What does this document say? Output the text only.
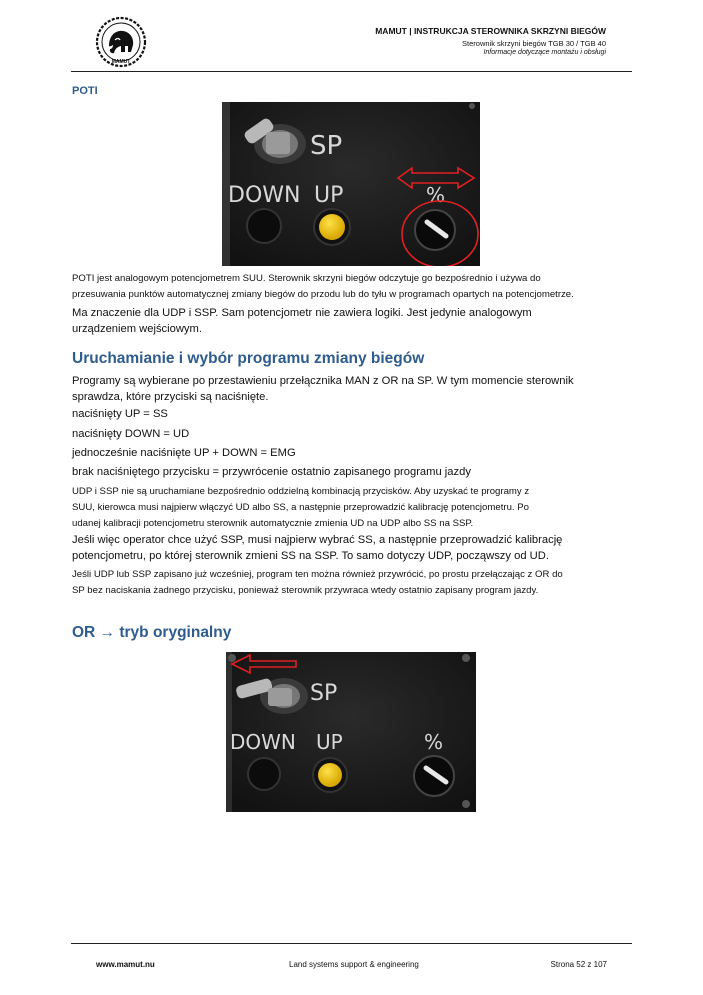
MAMUT
MAMUT | INSTRUKCJA STEROWNIKA SKRZYNI BIEGÓW
Sterownik skrzyni biegów TGB 30 / TGB 40
Informacje dotyczące montażu i obsługi
POTI
SP
DOWN UP	%
POTI jest analogowym potencjometrem SUU. Sterownik skrzyni biegów odczytuje go bezpośrednio i używa do
przesuwania punktów automatycznej zmiany biegów do przodu lub do tyłu w programach opartych na potencjometrze.
Ma znaczenie dla UDP i SSP. Sam potencjometr nie zawiera logiki. Jest jedynie analogowym
urządzeniem wejściowym.
Uruchamianie i wybór programu zmiany biegów
Programy są wybierane po przestawieniu przełącznika MAN z OR na SP. W tym momencie sterownik
sprawdza, które przyciski są naciśnięte.
naciśnięty UP = SS
naciśnięty DOWN = UD
jednocześnie naciśnięte UP + DOWN = EMG
brak naciśniętego przycisku = przywrócenie ostatnio zapisanego programu jazdy
UDP i SSP nie są uruchamiane bezpośrednio oddzielną kombinacją przycisków. Aby uzyskać te programy z
SUU, kierowca musi najpierw włączyć UD albo SS, a następnie przeprowadzić kalibrację potencjometru. Po
udanej kalibracji potencjometru sterownik automatycznie zmienia UD na UDP albo SS na SSP.
Jeśli więc operator chce użyć SSP, musi najpierw wybrać SS, a następnie przeprowadzić kalibrację
potencjometru, po której sterownik zmieni SS na SSP. To samo dotyczy UDP, począwszy od UD.
Jeśli UDP lub SSP zapisano już wcześniej, program ten można również przywrócić, po prostu przełączając z OR do
SP bez naciskania żadnego przycisku, ponieważ sterownik przywraca wtedy ostatnio zapisany program jazdy.
OR → tryb oryginalny
SP
DOWN UP	%
www.mamut.nu	Land systems support & engineering	Strona 52 z 107
